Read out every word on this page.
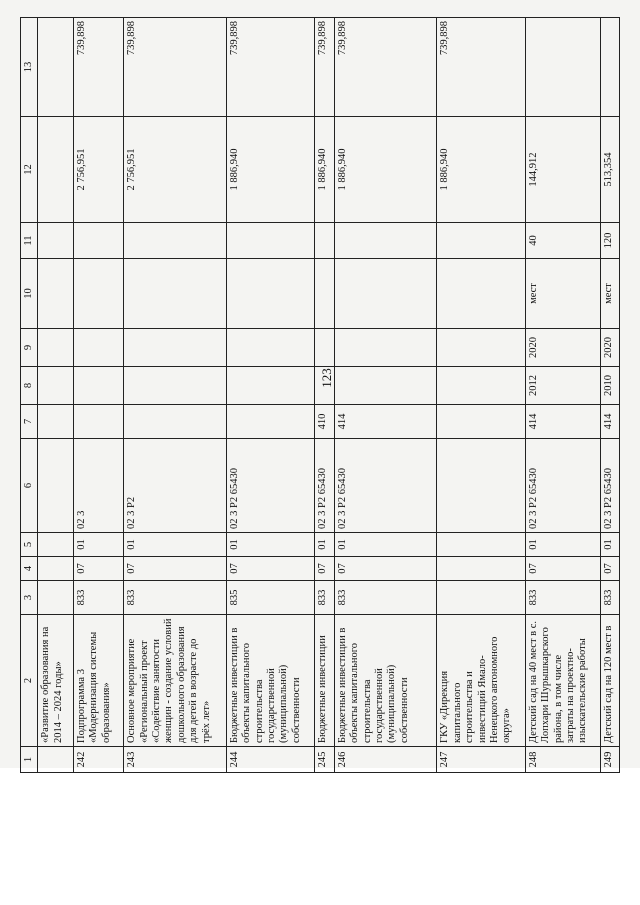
123
1	2	3	4	5	6	7	8	9	10	11	12	13
	«Развитие образования на 2014 – 2024 годы»											
242	Подпрограмма 3 «Модернизация системы образования»	833	07	01	02 3						2 756,951	739,898
243	Основное мероприятие «Региональный проект «Содействие занятости женщин - создание условий дошкольного образования для детей в возрасте до трёх лет»	833	07	01	02 3 P2						2 756,951	739,898
244	Бюджетные инвестиции в объекты капитального строительства государственной (муниципальной) собственности	835	07	01	02 3 P2 65430						1 886,940	739,898
245	Бюджетные инвестиции	833	07	01	02 3 P2 65430	410					1 886,940	739,898
246	Бюджетные инвестиции в объекты капитального строительства государственной (муниципальной) собственности	833	07	01	02 3 P2 65430	414					1 886,940	739,898
247	ГКУ «Дирекция капитального строительства и инвестиций Ямало-Ненецкого автономного округа»										1 886,940	739,898
248	Детский сад на 40 мест в с. Лопхари Шурышкарского района, в том числе затраты на проектно-изыскательские работы	833	07	01	02 3 P2 65430	414	2012	2020	мест	40	144,912	
249	Детский сад на 120 мест в	833	07	01	02 3 P2 65430	414	2010	2020	мест	120	513,354	
